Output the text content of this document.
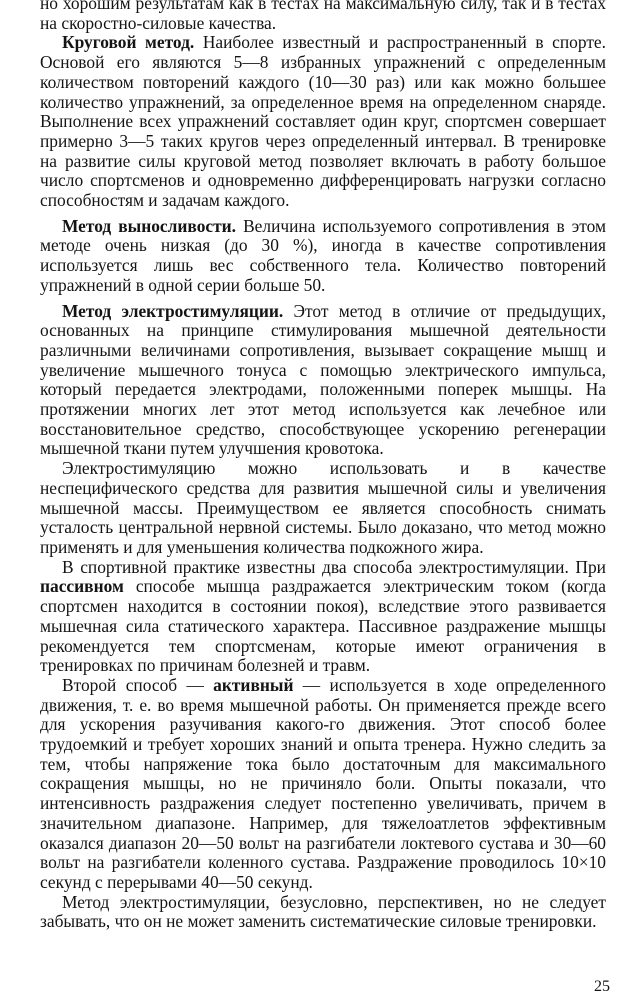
но хорошим результатам как в тестах на максимальную силу, так и в тестах на скоростно-силовые качества.

Круговой метод. Наиболее известный и распространенный в спорте. Основой его являются 5—8 избранных упражнений с определенным количеством повторений каждого (10—30 раз) или как можно большее количество упражнений, за определенное время на определенном снаряде. Выполнение всех упражнений составляет один круг, спортсмен совершает примерно 3—5 таких кругов через определенный интервал. В тренировке на развитие силы круговой метод позволяет включать в работу большое число спортсменов и одновременно дифференцировать нагрузки согласно способностям и задачам каждого.

Метод выносливости. Величина используемого сопротивления в этом методе очень низкая (до 30 %), иногда в качестве сопротивления используется лишь вес собственного тела. Количество повторений упражнений в одной серии больше 50.

Метод электростимуляции. Этот метод в отличие от предыдущих, основанных на принципе стимулирования мышечной деятельности различными величинами сопротивления, вызывает сокращение мышц и увеличение мышечного тонуса с помощью электрического импульса, который передается электродами, положенными поперек мышцы. На протяжении многих лет этот метод используется как лечебное или восстановительное средство, способствующее ускорению регенерации мышечной ткани путем улучшения кровотока.

Электростимуляцию можно использовать и в качестве неспецифического средства для развития мышечной силы и увеличения мышечной массы. Преимуществом ее является способность снимать усталость центральной нервной системы. Было доказано, что метод можно применять и для уменьшения количества подкожного жира.

В спортивной практике известны два способа электростимуляции. При пассивном способе мышца раздражается электрическим током (когда спортсмен находится в состоянии покоя), вследствие этого развивается мышечная сила статического характера. Пассивное раздражение мышцы рекомендуется тем спортсменам, которые имеют ограничения в тренировках по причинам болезней и травм.

Второй способ — активный — используется в ходе определенного движения, т. е. во время мышечной работы. Он применяется прежде всего для ускорения разучивания какого-го движения. Этот способ более трудоемкий и требует хороших знаний и опыта тренера. Нужно следить за тем, чтобы напряжение тока было достаточным для максимального сокращения мышцы, но не причиняло боли. Опыты показали, что интенсивность раздражения следует постепенно увеличивать, причем в значительном диапазоне. Например, для тяжелоатлетов эффективным оказался диапазон 20—50 вольт на разгибатели локтевого сустава и 30—60 вольт на разгибатели коленного сустава. Раздражение проводилось 10×10 секунд с перерывами 40—50 секунд.

Метод электростимуляции, безусловно, перспективен, но не следует забывать, что он не может заменить систематические силовые тренировки.

25
